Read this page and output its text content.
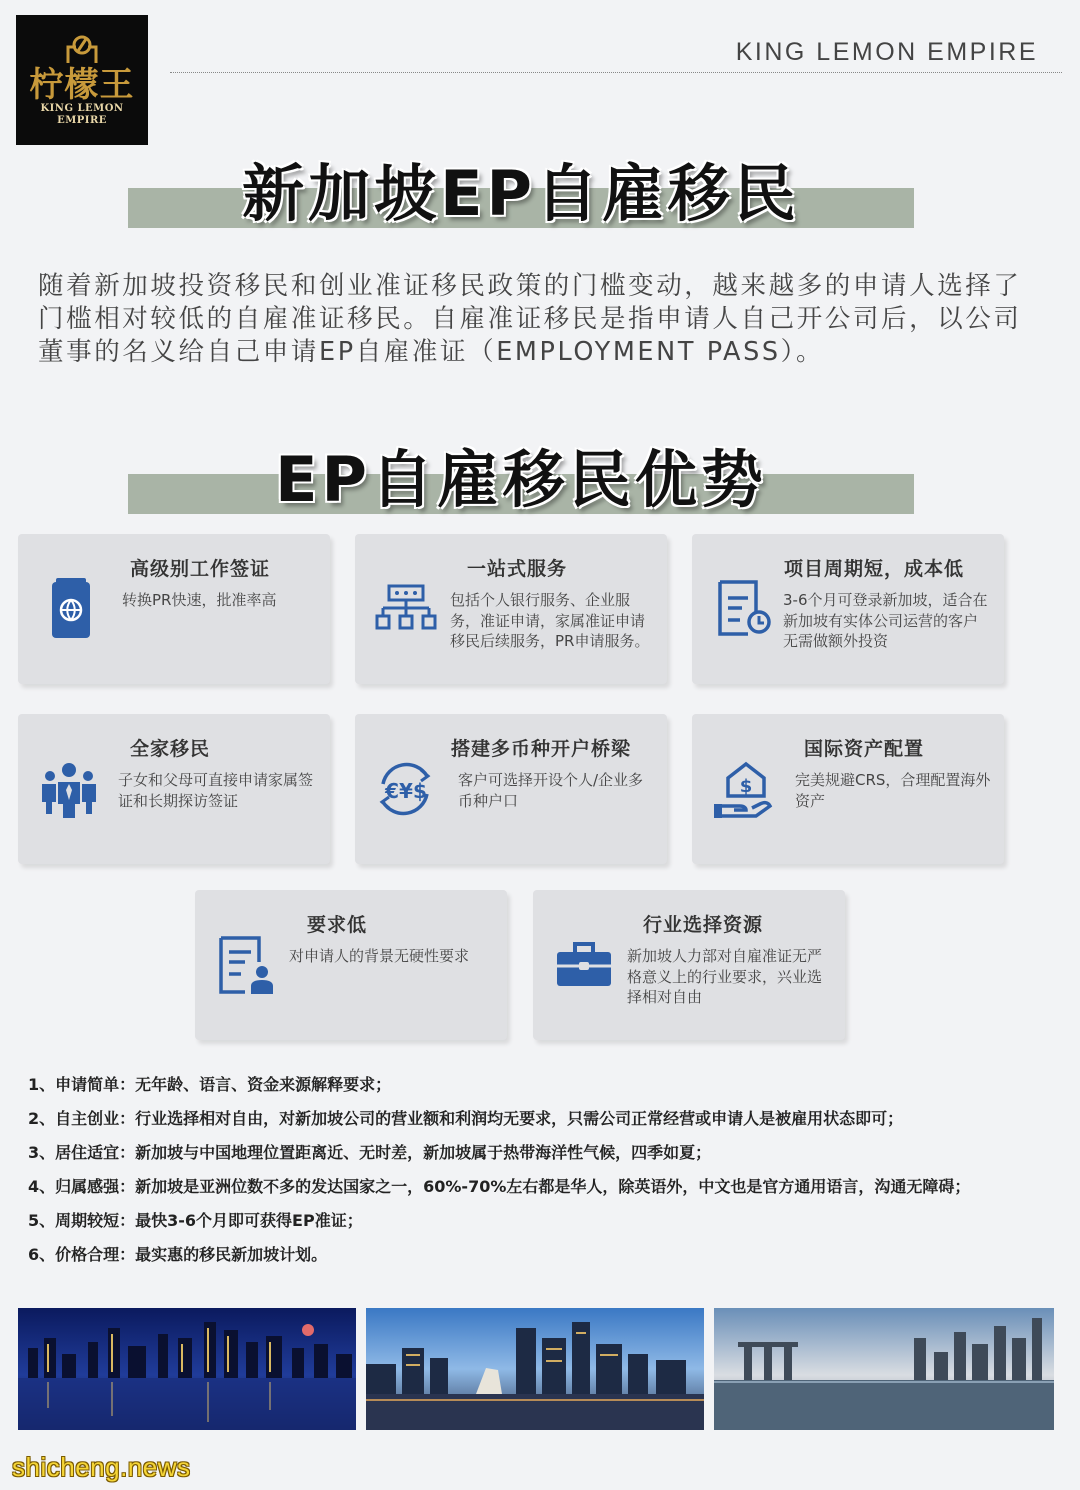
柠檬王
KING LEMON
EMPIRE
KING LEMON EMPIRE
新加坡EP自雇移民
随着新加坡投资移民和创业准证移民政策的门槛变动，越来越多的申请人选择了门槛相对较低的自雇准证移民。自雇准证移民是指申请人自己开公司后，以公司董事的名义给自己申请EP自雇准证（EMPLOYMENT PASS）。
EP自雇移民优势
高级别工作签证
转换PR快速，批准率高
一站式服务
包括个人银行服务、企业服务，准证申请，家属准证申请移民后续服务，PR申请服务。
项目周期短，成本低
3-6个月可登录新加坡，适合在新加坡有实体公司运营的客户无需做额外投资
全家移民
子女和父母可直接申请家属签证和长期探访签证	€¥$
搭建多币种开户桥梁
客户可选择开设个人/企业多币种户口
$
国际资产配置
完美规避CRS，合理配置海外资产
要求低
对申请人的背景无硬性要求
行业选择资源
新加坡人力部对自雇准证无严格意义上的行业要求，兴业选择相对自由
1、申请简单：无年龄、语言、资金来源解释要求；
2、自主创业：行业选择相对自由，对新加坡公司的营业额和利润均无要求，只需公司正常经营或申请人是被雇用状态即可；
3、居住适宜：新加坡与中国地理位置距离近、无时差，新加坡属于热带海洋性气候，四季如夏；
4、归属感强：新加坡是亚洲位数不多的发达国家之一，60%-70%左右都是华人，除英语外，中文也是官方通用语言，沟通无障碍；
5、周期较短：最快3-6个月即可获得EP准证；
6、价格合理：最实惠的移民新加坡计划。
shicheng.news
